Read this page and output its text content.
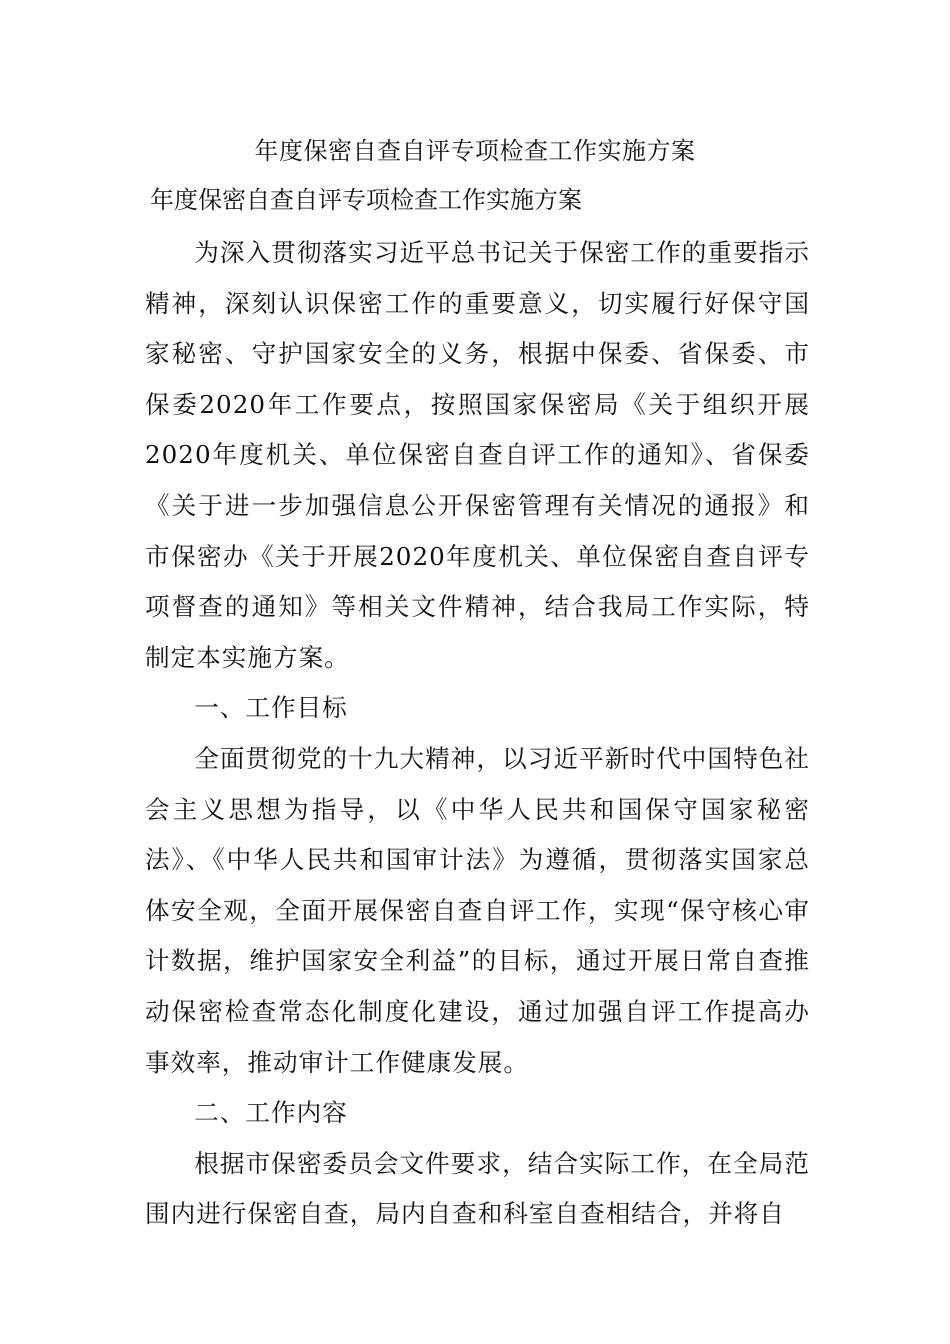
年度保密自查自评专项检查工作实施方案
年度保密自查自评专项检查工作实施方案

为深入贯彻落实习近平总书记关于保密工作的重要指示精神，深刻认识保密工作的重要意义，切实履行好保守国家秘密、守护国家安全的义务，根据中保委、省保委、市保委2020年工作要点，按照国家保密局《关于组织开展2020年度机关、单位保密自查自评工作的通知》、省保委《关于进一步加强信息公开保密管理有关情况的通报》和市保密办《关于开展2020年度机关、单位保密自查自评专项督查的通知》等相关文件精神，结合我局工作实际，特制定本实施方案。

一、工作目标

全面贯彻党的十九大精神，以习近平新时代中国特色社会主义思想为指导，以《中华人民共和国保守国家秘密法》、《中华人民共和国审计法》为遵循，贯彻落实国家总体安全观，全面开展保密自查自评工作，实现“保守核心审计数据，维护国家安全利益”的目标，通过开展日常自查推动保密检查常态化制度化建设，通过加强自评工作提高办事效率，推动审计工作健康发展。

二、工作内容

根据市保密委员会文件要求，结合实际工作，在全局范围内进行保密自查，局内自查和科室自查相结合，并将自
